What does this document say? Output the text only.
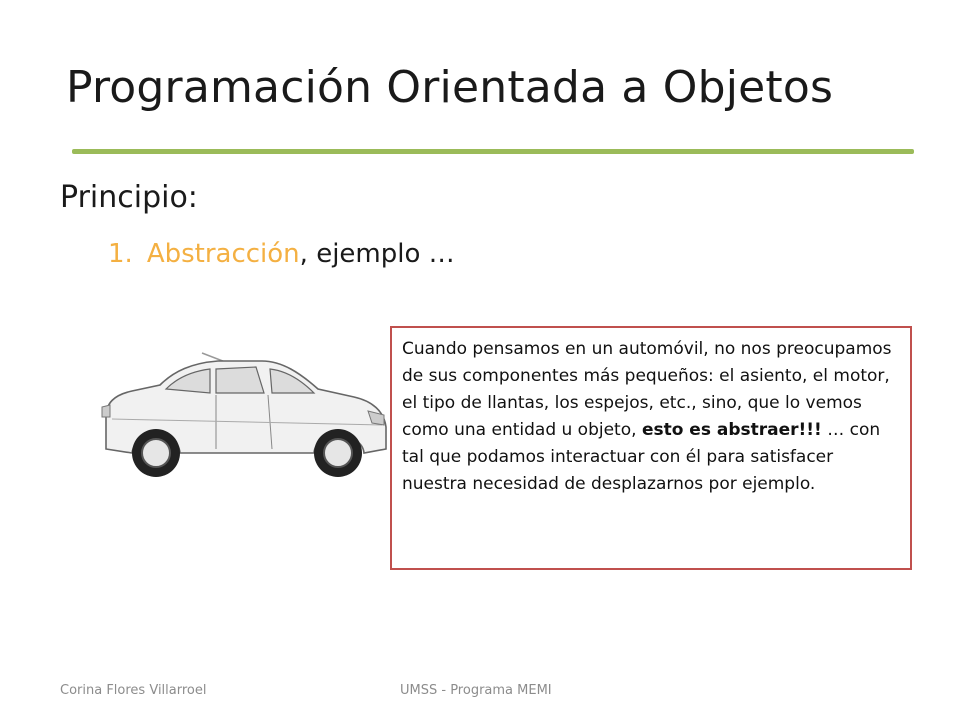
Programación Orientada a Objetos
Principio:
1. Abstracción, ejemplo …
Cuando pensamos en un automóvil, no nos preocupamos de sus componentes más pequeños: el asiento, el motor, el tipo de llantas, los espejos, etc., sino, que lo vemos como una entidad u objeto, esto es abstraer!!! … con tal que podamos interactuar con él para satisfacer nuestra necesidad de desplazarnos por ejemplo.
Corina Flores Villarroel	UMSS - Programa MEMI
